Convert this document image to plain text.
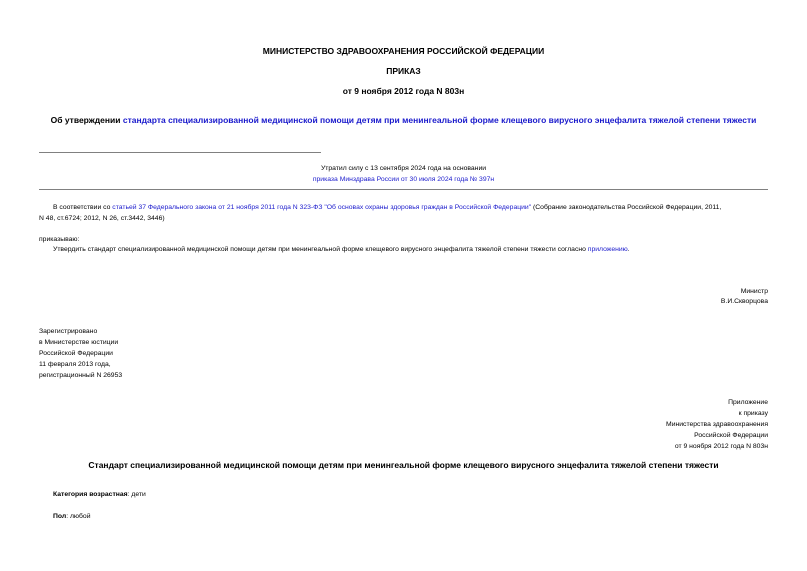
МИНИСТЕРСТВО ЗДРАВООХРАНЕНИЯ РОССИЙСКОЙ ФЕДЕРАЦИИ
ПРИКАЗ
от 9 ноября 2012 года N 803н
Об утверждении стандарта специализированной медицинской помощи детям при менингеальной форме клещевого вирусного энцефалита тяжелой степени тяжести
Утратил силу с 13 сентября 2024 года на основании
приказа Минздрава России от 30 июля 2024 года № 397н
В соответствии со статьей 37 Федерального закона от 21 ноября 2011 года N 323-ФЗ "Об основах охраны здоровья граждан в Российской Федерации" (Собрание законодательства Российской Федерации, 2011,
N 48, ст.6724; 2012, N 26, ст.3442, 3446)
приказываю:
Утвердить стандарт специализированной медицинской помощи детям при менингеальной форме клещевого вирусного энцефалита тяжелой степени тяжести согласно приложению.
Министр
В.И.Скворцова
Зарегистрировано
в Министерстве юстиции
Российской Федерации
11 февраля 2013 года,
регистрационный N 26953
Приложение
к приказу
Министерства здравоохранения
Российской Федерации
от 9 ноября 2012 года N 803н
Стандарт специализированной медицинской помощи детям при менингеальной форме клещевого вирусного энцефалита тяжелой степени тяжести
Категория возрастная: дети
Пол: любой
